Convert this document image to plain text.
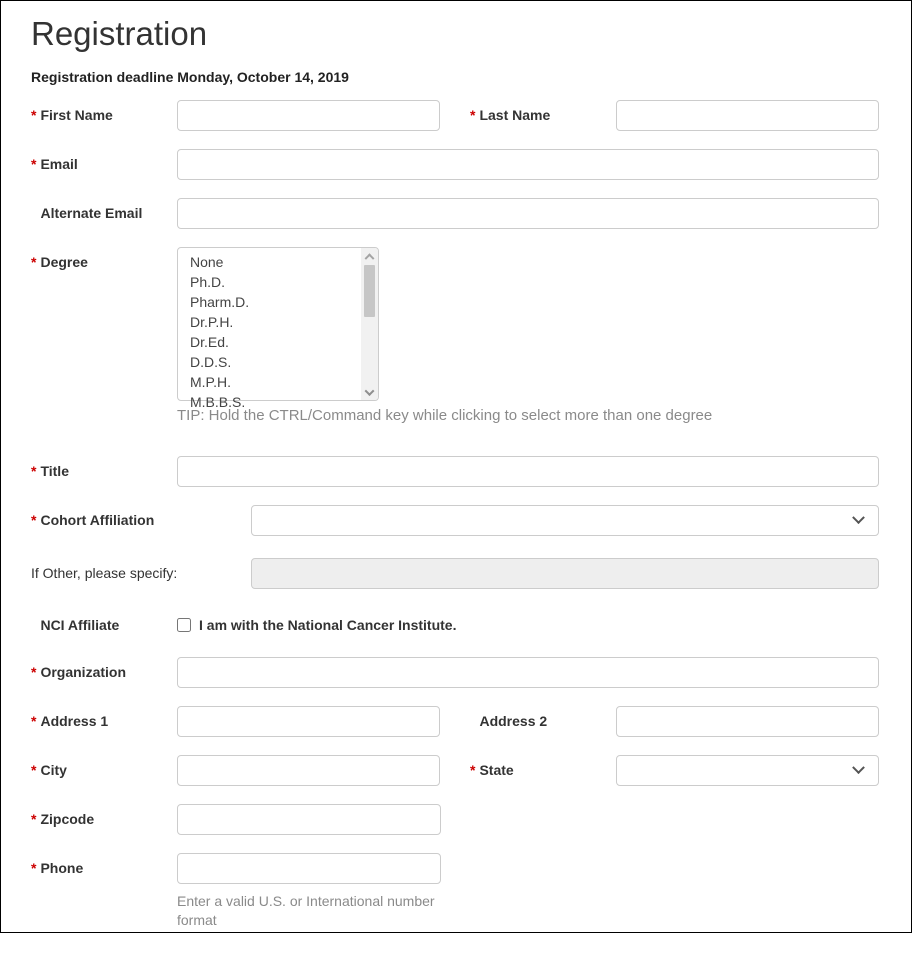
Registration
Registration deadline Monday, October 14, 2019
* First Name	* Last Name
* Email
Alternate Email
* Degree	None
Ph.D.
Pharm.D.
Dr.P.H.
Dr.Ed.
D.D.S.
M.P.H.
M.B.B.S.
TIP: Hold the CTRL/Command key while clicking to select more than one degree
* Title
* Cohort Affiliation
If Other, please specify:
NCI Affiliate	I am with the National Cancer Institute.
* Organization
* Address 1	Address 2
* City	* State
* Zipcode
* Phone
Enter a valid U.S. or International number format
